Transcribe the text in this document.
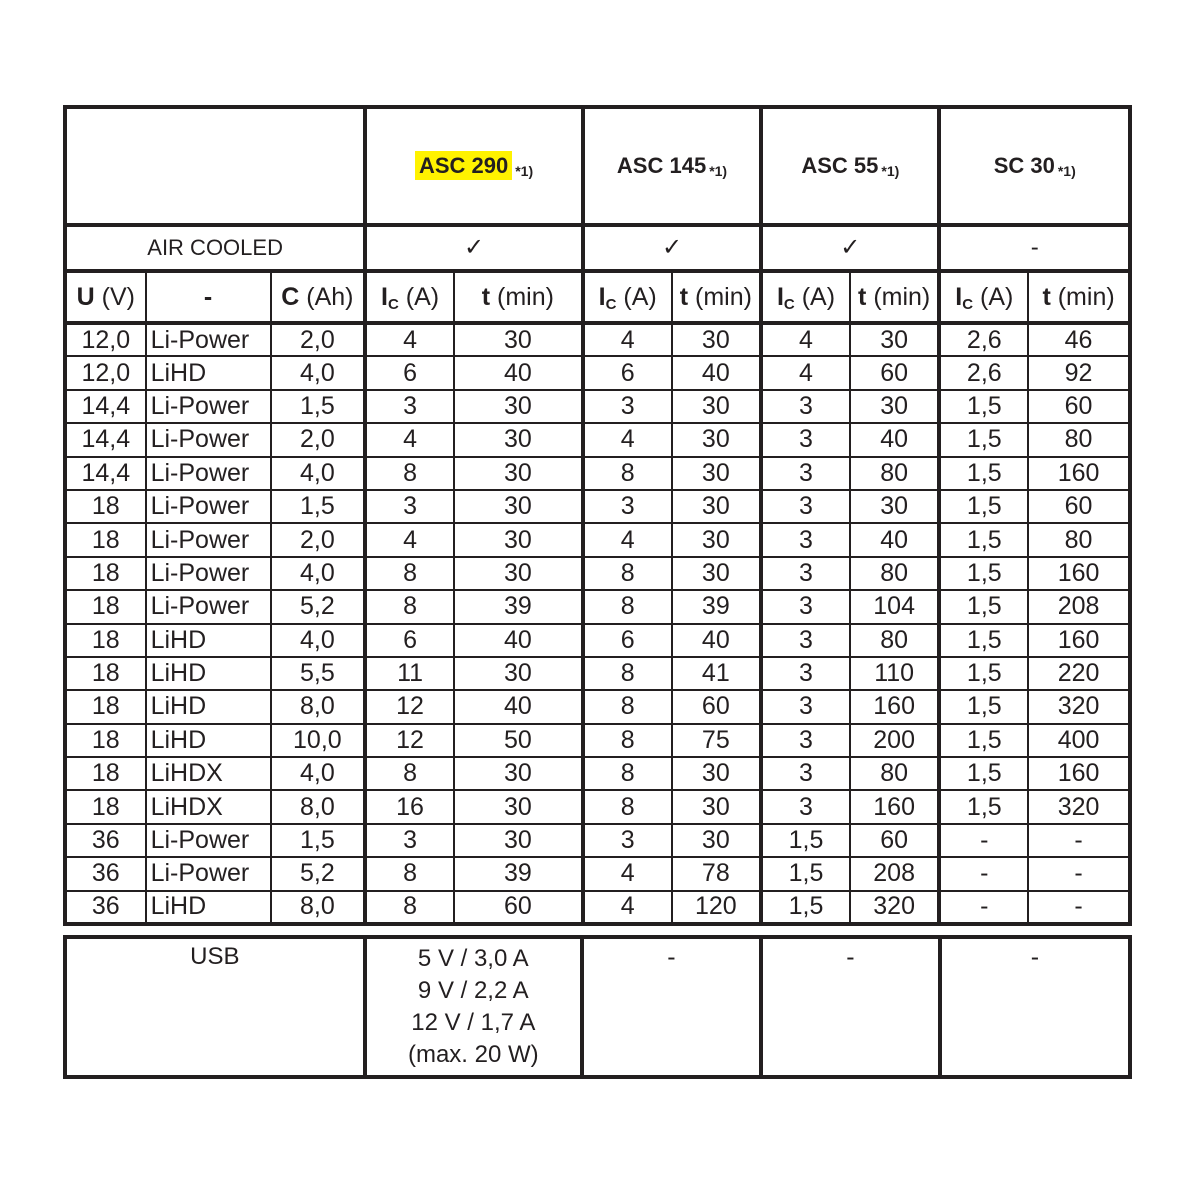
			ASC 290 $^{*1)}$		ASC 145 $^{*1)}$		ASC 55 $^{*1)}$		SC 30 $^{*1)}$
AIR COOLED			✓		✓		✓		-	
U (V)	-	C (Ah)	$I_C$ (A)	t (min)	$I_C$ (A)	t (min)	$I_C$ (A)	t (min)	$I_C$ (A)	t (min)
12,0	Li-Power	2,0	4	30	4	30	4	30	2,6	46
12,0	LiHD	4,0	6	40	6	40	4	60	2,6	92
14,4	Li-Power	1,5	3	30	3	30	3	30	1,5	60
14,4	Li-Power	2,0	4	30	4	30	3	40	1,5	80
14,4	Li-Power	4,0	8	30	8	30	3	80	1,5	160
18	Li-Power	1,5	3	30	3	30	3	30	1,5	60
18	Li-Power	2,0	4	30	4	30	3	40	1,5	80
18	Li-Power	4,0	8	30	8	30	3	80	1,5	160
18	Li-Power	5,2	8	39	8	39	3	104	1,5	208
18	LiHD	4,0	6	40	6	40	3	80	1,5	160
18	LiHD	5,5	11	30	8	41	3	110	1,5	220
18	LiHD	8,0	12	40	8	60	3	160	1,5	320
18	LiHD	10,0	12	50	8	75	3	200	1,5	400
18	LiHDX	4,0	8	30	8	30	3	80	1,5	160
18	LiHDX	8,0	16	30	8	30	3	160	1,5	320
36	Li-Power	1,5	3	30	3	30	1,5	60	-	-
36	Li-Power	5,2	8	39	4	78	1,5	208	-	-
36	LiHD	8,0	8	60	4	120	1,5	320	-	-
USB	5 V / 3,0 A
9 V / 2,2 A
12 V / 1,7 A
(max. 20 W)
	-	-	-
